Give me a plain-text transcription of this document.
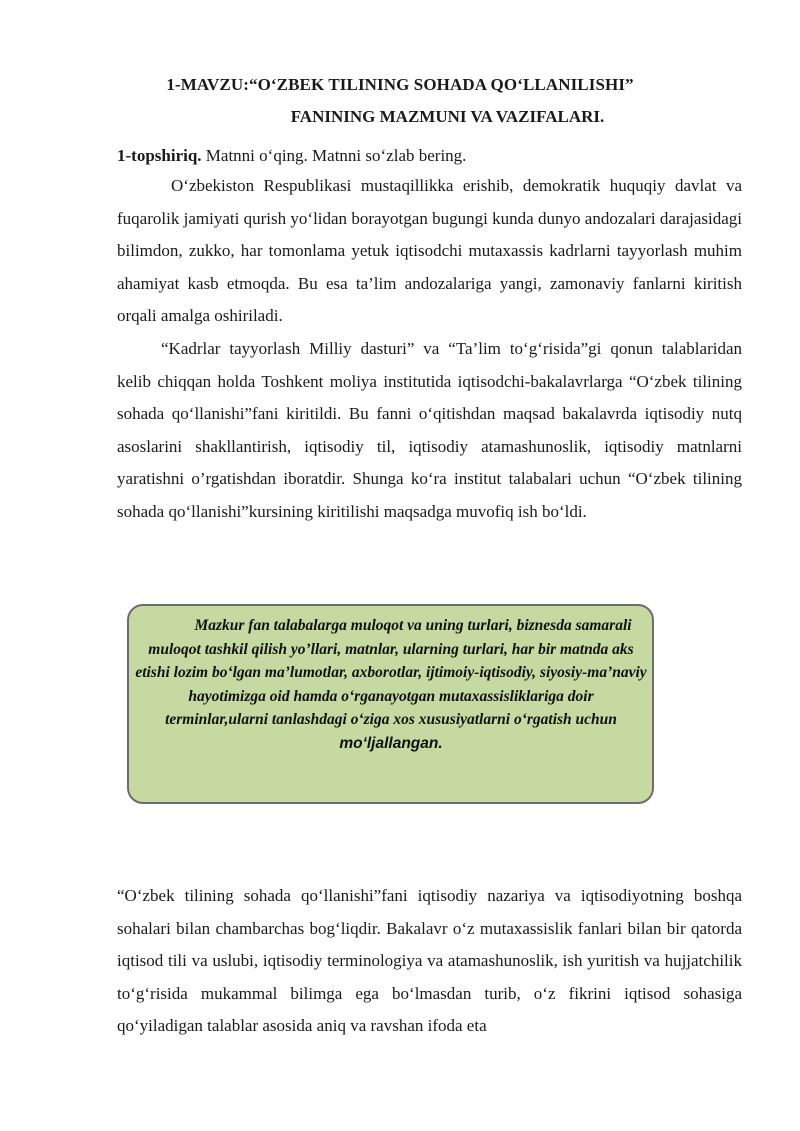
1-MAVZU:“O‘ZBEK TILINING SOHADA QO‘LLANILISHI”
FANINING MAZMUNI VA VAZIFALARI.
1-topshiriq. Matnni o‘qing. Matnni so‘zlab bering.

O‘zbekiston Respublikasi mustaqillikka erishib, demokratik huquqiy davlat va fuqarolik jamiyati qurish yo‘lidan borayotgan bugungi kunda dunyo andozalari darajasidagi bilimdon, zukko, har tomonlama yetuk iqtisodchi mutaxassis kadrlarni tayyorlash muhim ahamiyat kasb etmoqda. Bu esa ta’lim andozalariga yangi, zamonaviy fanlarni kiritish orqali amalga oshiriladi.

“Kadrlar tayyorlash Milliy dasturi” va “Ta’lim to‘g‘risida”gi qonun talablaridan kelib chiqqan holda Toshkent moliya institutida iqtisodchi-bakalavrlarga “O‘zbek tilining sohada qo‘llanishi”fani kiritildi. Bu fanni o‘qitishdan maqsad bakalavrda iqtisodiy nutq asoslarini shakllantirish, iqtisodiy til, iqtisodiy atamashunoslik, iqtisodiy matnlarni yaratishni o’rgatishdan iboratdir. Shunga ko‘ra institut talabalari uchun “O‘zbek tilining sohada qo‘llanishi”kursining kiritilishi maqsadga muvofiq ish bo‘ldi.

Mazkur fan talabalarga muloqot va uning turlari, biznesda samarali muloqot tashkil qilish yo’llari, matnlar, ularning turlari, har bir matnda aks etishi lozim bo‘lgan ma’lumotlar, axborotlar, ijtimoiy-iqtisodiy, siyosiy-ma’naviy hayotimizga oid hamda o‘rganayotgan mutaxassisliklariga doir terminlar,ularni tanlashdagi o‘ziga xos xususiyatlarni o‘rgatish uchun mo‘ljallangan.

“O‘zbek tilining sohada qo‘llanishi”fani iqtisodiy nazariya va iqtisodiyotning boshqa sohalari bilan chambarchas bog‘liqdir. Bakalavr o‘z mutaxassislik fanlari bilan bir qatorda iqtisod tili va uslubi, iqtisodiy terminologiya va atamashunoslik, ish yuritish va hujjatchilik to‘g‘risida mukammal bilimga ega bo‘lmasdan turib, o‘z fikrini iqtisod sohasiga qo‘yiladigan talablar asosida aniq va ravshan ifoda eta
